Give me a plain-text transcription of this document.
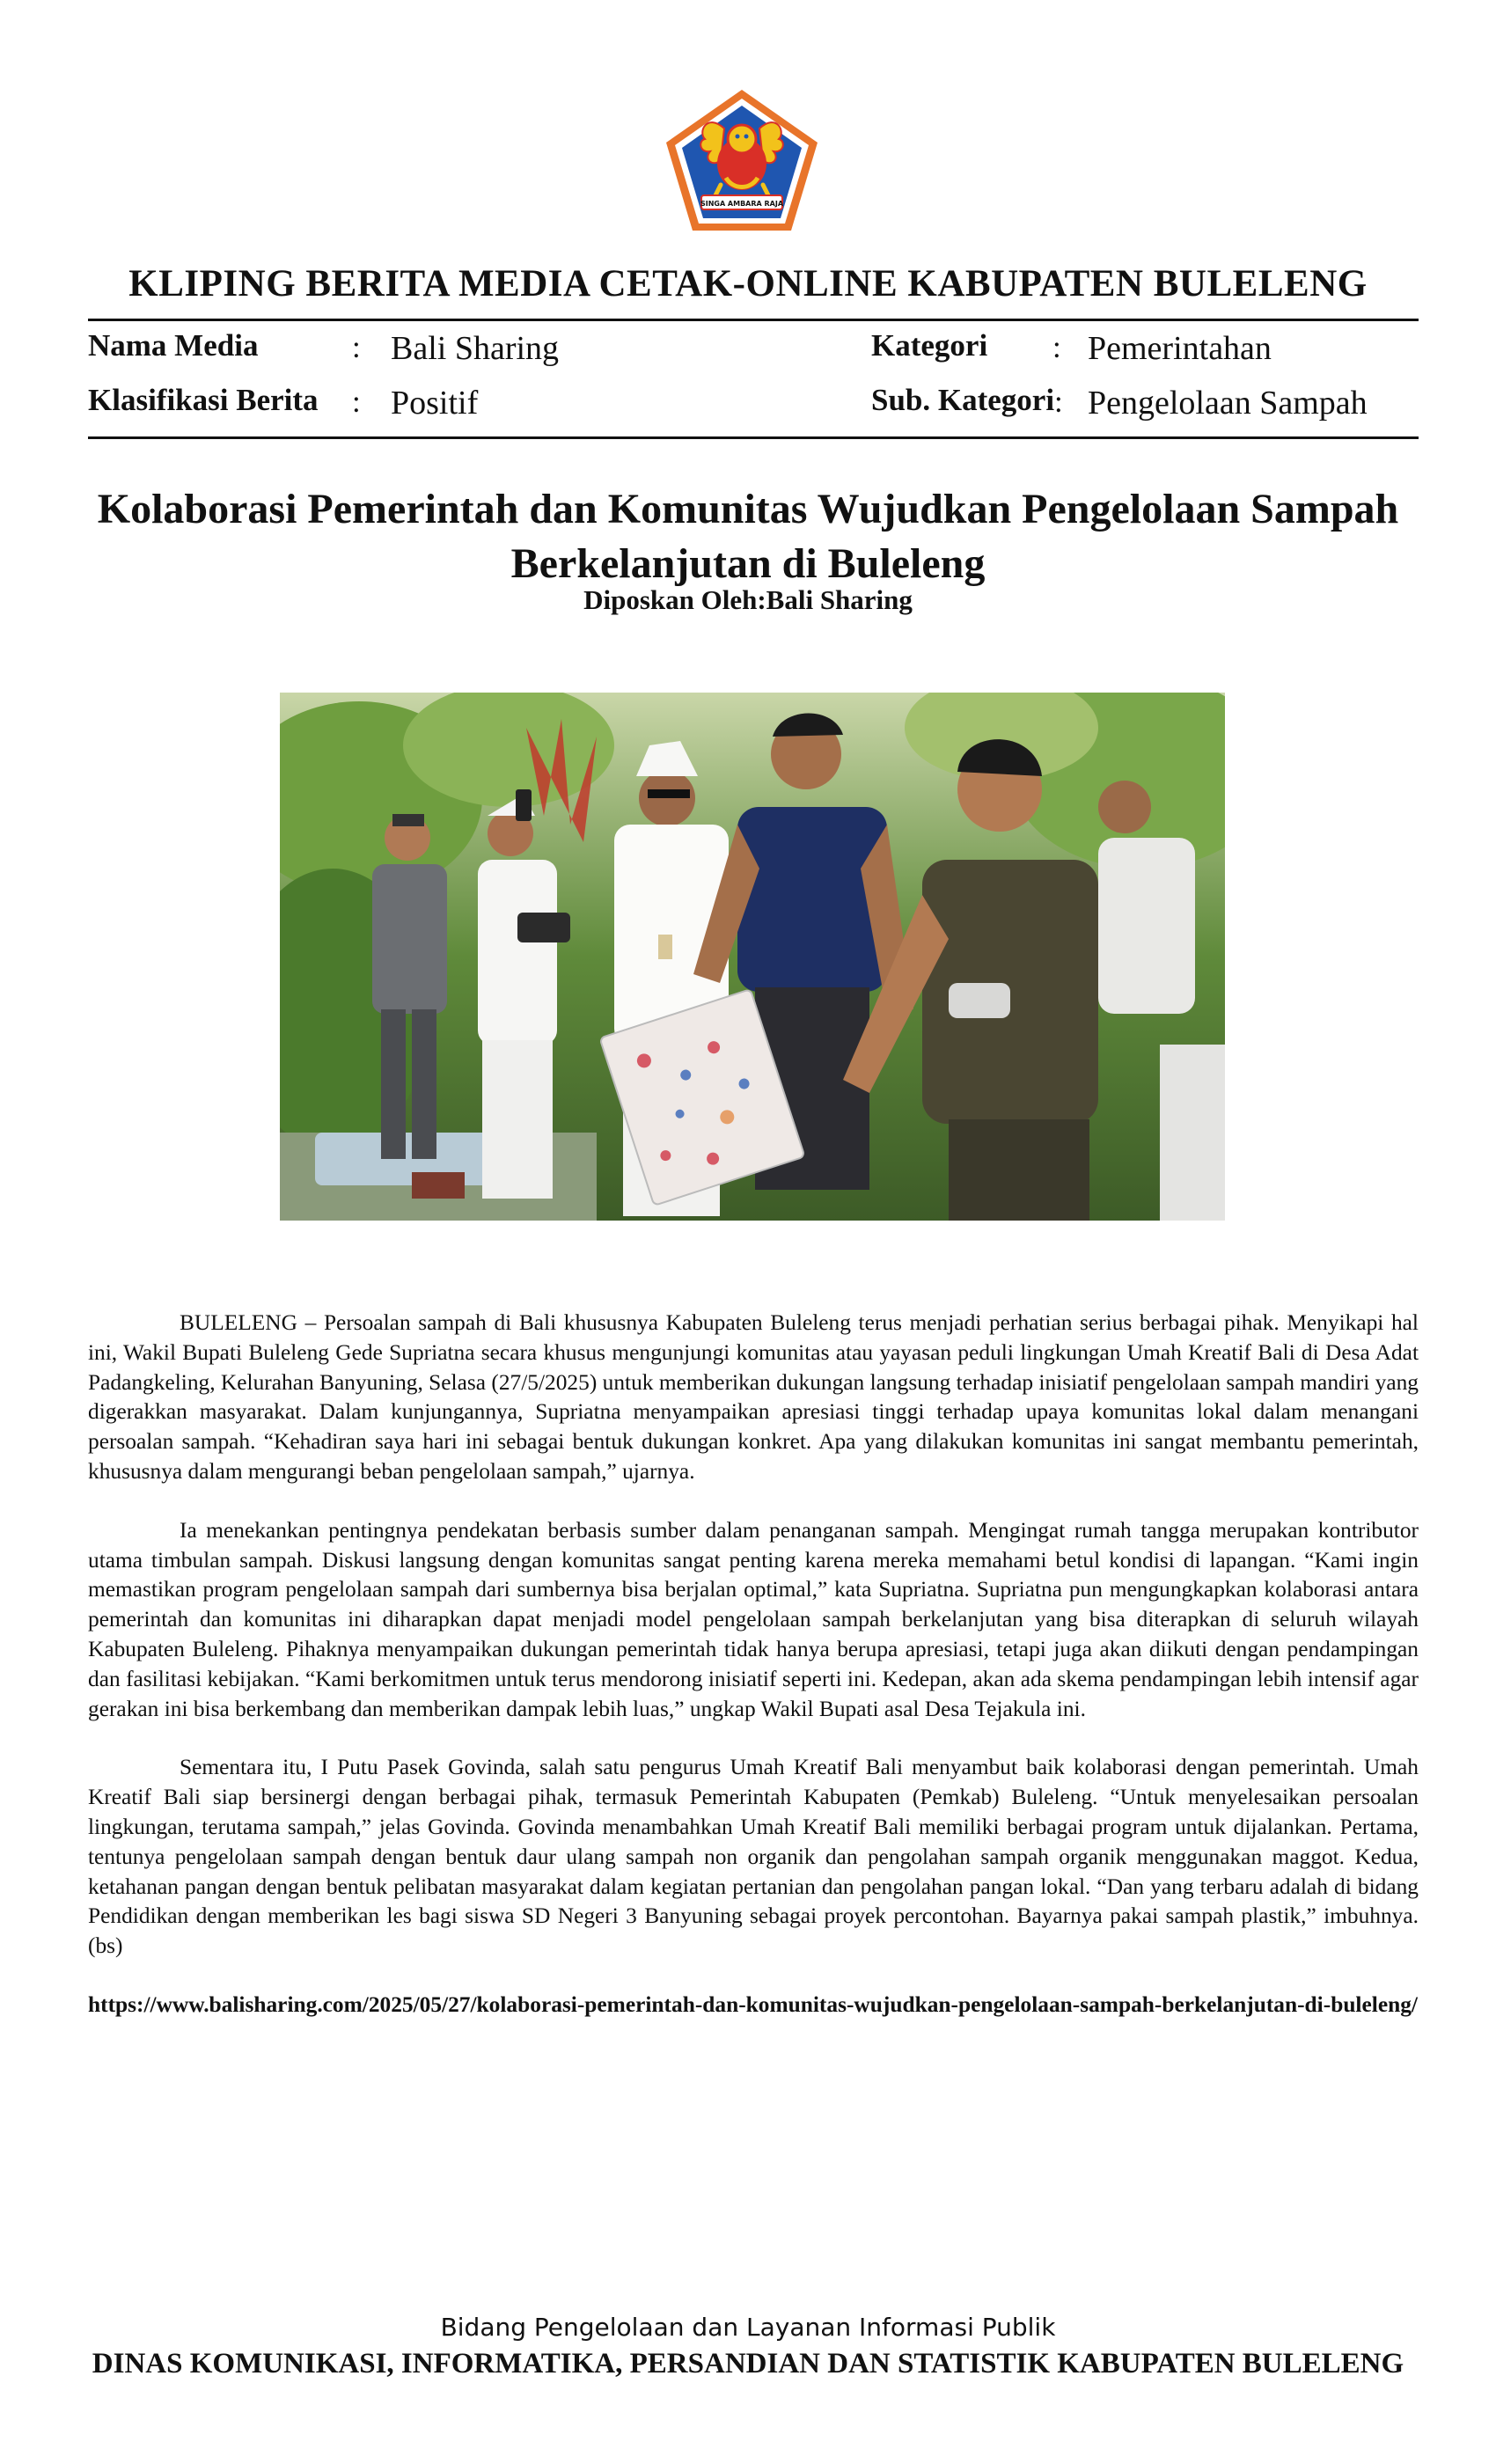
SINGA AMBARA RAJA
KLIPING BERITA MEDIA CETAK-ONLINE KABUPATEN BULELENG
Nama Media	: Bali Sharing	Kategori : Pemerintahan
Klasifikasi Berita : Positif	Sub. Kategori : Pengelolaan Sampah
Kolaborasi Pemerintah dan Komunitas Wujudkan Pengelolaan Sampah
Berkelanjutan di Buleleng
Diposkan Oleh:Bali Sharing

BULELENG – Persoalan sampah di Bali khususnya Kabupaten Buleleng terus menjadi perhatian serius berbagai pihak. Menyikapi hal ini, Wakil Bupati Buleleng Gede Supriatna secara khusus mengunjungi komunitas atau yayasan peduli lingkungan Umah Kreatif Bali di Desa Adat Padangkeling, Kelurahan Banyuning, Selasa (27/5/2025) untuk memberikan dukungan langsung terhadap inisiatif pengelolaan sampah mandiri yang digerakkan masyarakat. Dalam kunjungannya, Supriatna menyampaikan apresiasi tinggi terhadap upaya komunitas lokal dalam menangani persoalan sampah. “Kehadiran saya hari ini sebagai bentuk dukungan konkret. Apa yang dilakukan komunitas ini sangat membantu pemerintah, khususnya dalam mengurangi beban pengelolaan sampah,” ujarnya.

Ia menekankan pentingnya pendekatan berbasis sumber dalam penanganan sampah. Mengingat rumah tangga merupakan kontributor utama timbulan sampah. Diskusi langsung dengan komunitas sangat penting karena mereka memahami betul kondisi di lapangan. “Kami ingin memastikan program pengelolaan sampah dari sumbernya bisa berjalan optimal,” kata Supriatna. Supriatna pun mengungkapkan kolaborasi antara pemerintah dan komunitas ini diharapkan dapat menjadi model pengelolaan sampah berkelanjutan yang bisa diterapkan di seluruh wilayah Kabupaten Buleleng. Pihaknya menyampaikan dukungan pemerintah tidak hanya berupa apresiasi, tetapi juga akan diikuti dengan pendampingan dan fasilitasi kebijakan. “Kami berkomitmen untuk terus mendorong inisiatif seperti ini. Kedepan, akan ada skema pendampingan lebih intensif agar gerakan ini bisa berkembang dan memberikan dampak lebih luas,” ungkap Wakil Bupati asal Desa Tejakula ini.

Sementara itu, I Putu Pasek Govinda, salah satu pengurus Umah Kreatif Bali menyambut baik kolaborasi dengan pemerintah. Umah Kreatif Bali siap bersinergi dengan berbagai pihak, termasuk Pemerintah Kabupaten (Pemkab) Buleleng. “Untuk menyelesaikan persoalan lingkungan, terutama sampah,” jelas Govinda. Govinda menambahkan Umah Kreatif Bali memiliki berbagai program untuk dijalankan. Pertama, tentunya pengelolaan sampah dengan bentuk daur ulang sampah non organik dan pengolahan sampah organik menggunakan maggot. Kedua, ketahanan pangan dengan bentuk pelibatan masyarakat dalam kegiatan pertanian dan pengolahan pangan lokal. “Dan yang terbaru adalah di bidang Pendidikan dengan memberikan les bagi siswa SD Negeri 3 Banyuning sebagai proyek percontohan. Bayarnya pakai sampah plastik,” imbuhnya. (bs)

https://www.balisharing.com/2025/05/27/kolaborasi-pemerintah-dan-komunitas-wujudkan-pengelolaan-sampah-berkelanjutan-di-buleleng/

Bidang Pengelolaan dan Layanan Informasi Publik
DINAS KOMUNIKASI, INFORMATIKA, PERSANDIAN DAN STATISTIK KABUPATEN BULELENG
